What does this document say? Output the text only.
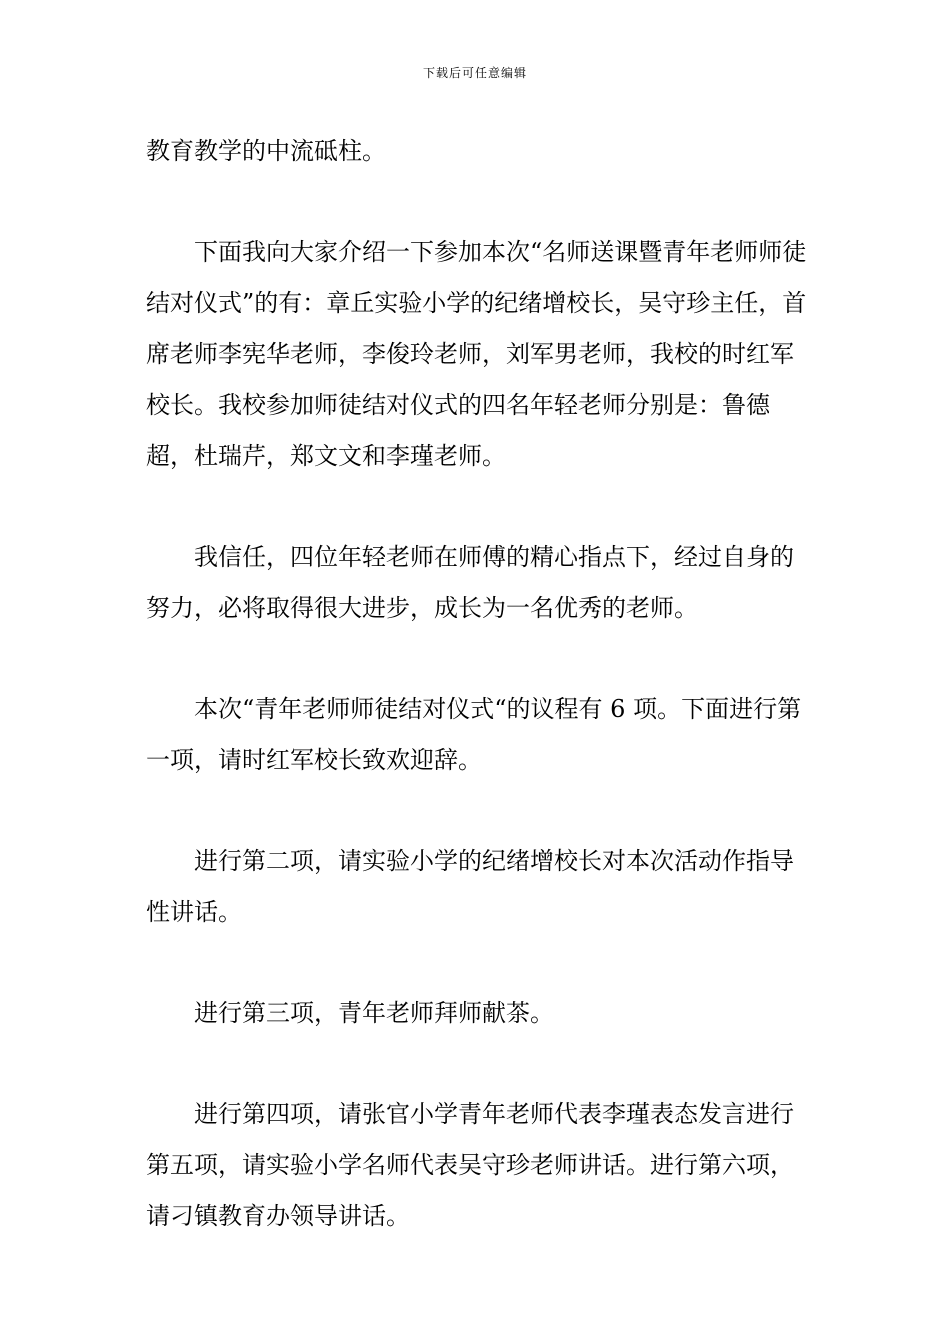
下载后可任意编辑

教育教学的中流砥柱。

下面我向大家介绍一下参加本次“名师送课暨青年老师师徒结对仪式”的有：章丘实验小学的纪绪增校长，吴守珍主任，首席老师李宪华老师，李俊玲老师，刘军男老师，我校的时红军校长。我校参加师徒结对仪式的四名年轻老师分别是：鲁德超，杜瑞芹，郑文文和李瑾老师。

我信任，四位年轻老师在师傅的精心指点下，经过自身的努力，必将取得很大进步，成长为一名优秀的老师。

本次“青年老师师徒结对仪式“的议程有 6 项。下面进行第一项，请时红军校长致欢迎辞。

进行第二项，请实验小学的纪绪增校长对本次活动作指导性讲话。

进行第三项，青年老师拜师献茶。

进行第四项，请张官小学青年老师代表李瑾表态发言进行第五项，请实验小学名师代表吴守珍老师讲话。进行第六项，请刁镇教育办领导讲话。
